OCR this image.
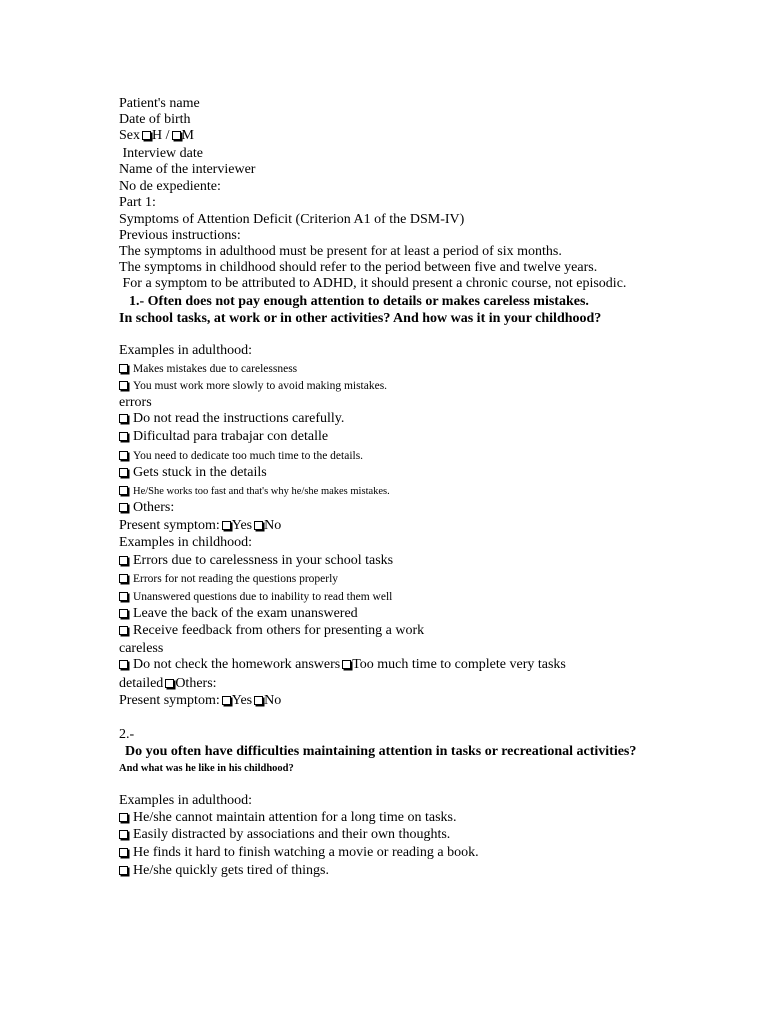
Patient's name
Date of birth
Sex H / M
Interview date
Name of the interviewer
No de expediente:
Part 1:
Symptoms of Attention Deficit (Criterion A1 of the DSM-IV)
Previous instructions:
The symptoms in adulthood must be present for at least a period of six months.
The symptoms in childhood should refer to the period between five and twelve years.
For a symptom to be attributed to ADHD, it should present a chronic course, not episodic.
1.- Often does not pay enough attention to details or makes careless mistakes.
In school tasks, at work or in other activities? And how was it in your childhood?
Examples in adulthood:
Makes mistakes due to carelessness
You must work more slowly to avoid making mistakes.
errors
Do not read the instructions carefully.
Dificultad para trabajar con detalle
You need to dedicate too much time to the details.
Gets stuck in the details
He/She works too fast and that's why he/she makes mistakes.
Others:
Present symptom: Yes No
Examples in childhood:
Errors due to carelessness in your school tasks
Errors for not reading the questions properly
Unanswered questions due to inability to read them well
Leave the back of the exam unanswered
Receive feedback from others for presenting a work
careless
Do not check the homework answers Too much time to complete very tasks
detailed Others:
Present symptom: Yes No
2.-
Do you often have difficulties maintaining attention in tasks or recreational activities?
And what was he like in his childhood?
Examples in adulthood:
He/she cannot maintain attention for a long time on tasks.
Easily distracted by associations and their own thoughts.
He finds it hard to finish watching a movie or reading a book.
He/she quickly gets tired of things.
